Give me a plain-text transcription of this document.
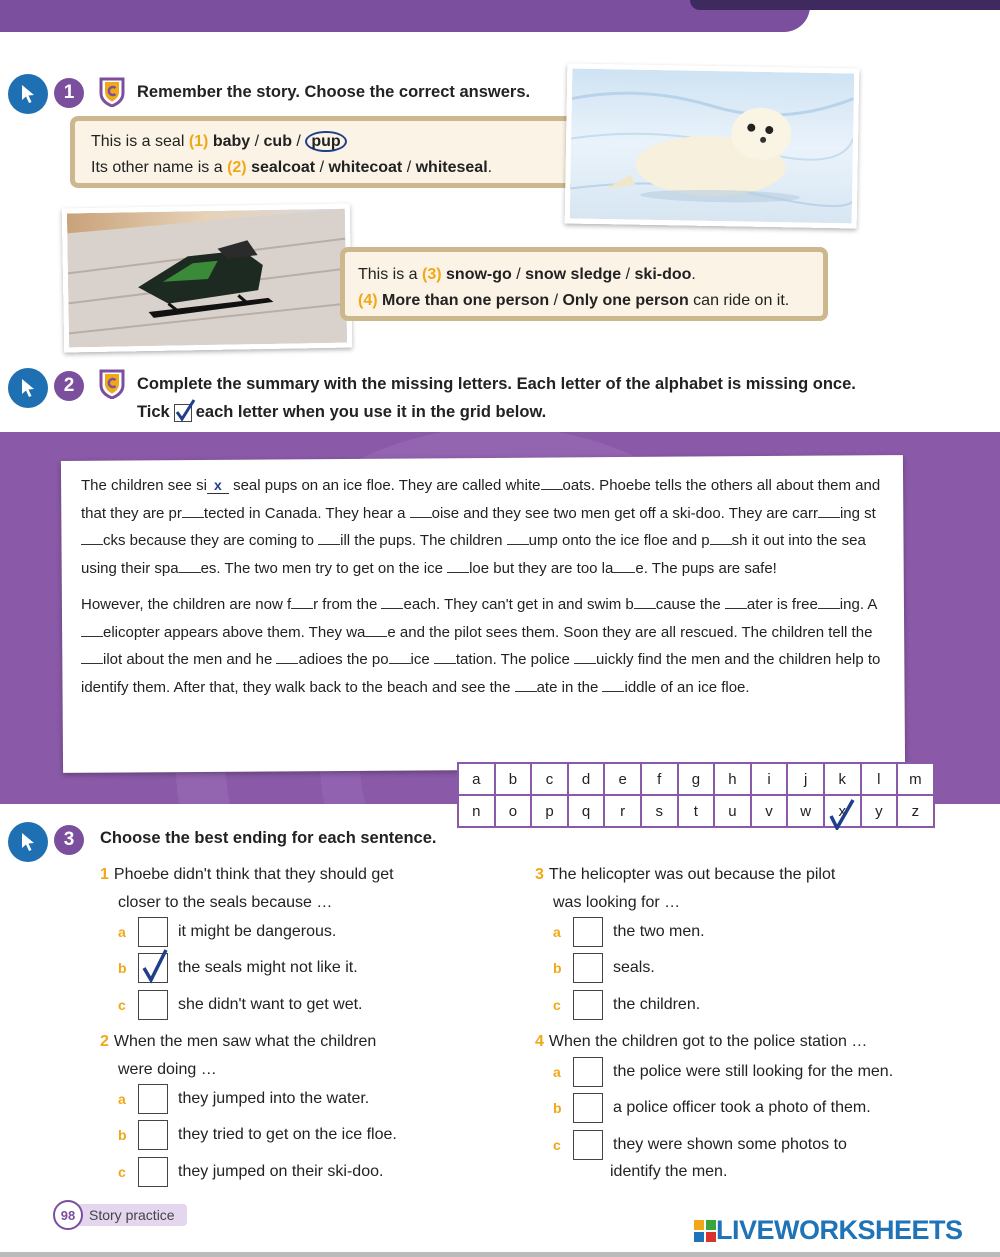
1	Remember the story. Choose the correct answers.
This is a seal (1) baby / cub / pup
Its other name is a (2) sealcoat / whitecoat / whiteseal.
This is a (3) snow-go / snow sledge / ski-doo.
(4) More than one person / Only one person can ride on it.
2	Complete the summary with the missing letters. Each letter of the alphabet is missing once.
Tick each letter when you use it in the grid below.

The children see si x seal pups on an ice floe. They are called white oats. Phoebe tells the others all about them and that they are pr tected in Canada. They hear a oise and they see two men get off a ski-doo. They are carr ing stcks because they are coming to ill the pups. The children ump onto the ice floe and p sh it out into the sea using their spa es. The two men try to get on the ice loe but they are too la e. The pups are safe!

However, the children are now f r from the each. They can't get in and swim b cause the ater is free ing. A elicopter appears above them. They wa e and the pilot sees them. Soon they are all rescued. The children tell the ilot about the men and he adioes the po ice tation. The police uickly find the men and the children help to identify them. After that, they walk back to the beach and see the ate in the iddle of an ice floe.

a	b	c	d	e	f	g	h	i	j	k	l	m
n	o	p	q	r	s	t	u	v	w	x	y	z
3	Choose the best ending for each sentence.
1 Phoebe didn't think that they should get
closer to the seals because …
a	it might be dangerous.
b	the seals might not like it.
c	she didn't want to get wet.
2 When the men saw what the children
were doing …
a	they jumped into the water.
b	they tried to get on the ice floe.
c	they jumped on their ski-doo.
3 The helicopter was out because the pilot
was looking for …
a	the two men.
b	seals.
c	the children.
4 When the children got to the police station …
a	the police were still looking for the men.
b	a police officer took a photo of them.
c	they were shown some photos to
identify the men.
98 Story practice	LIVEWORKSHEETS
